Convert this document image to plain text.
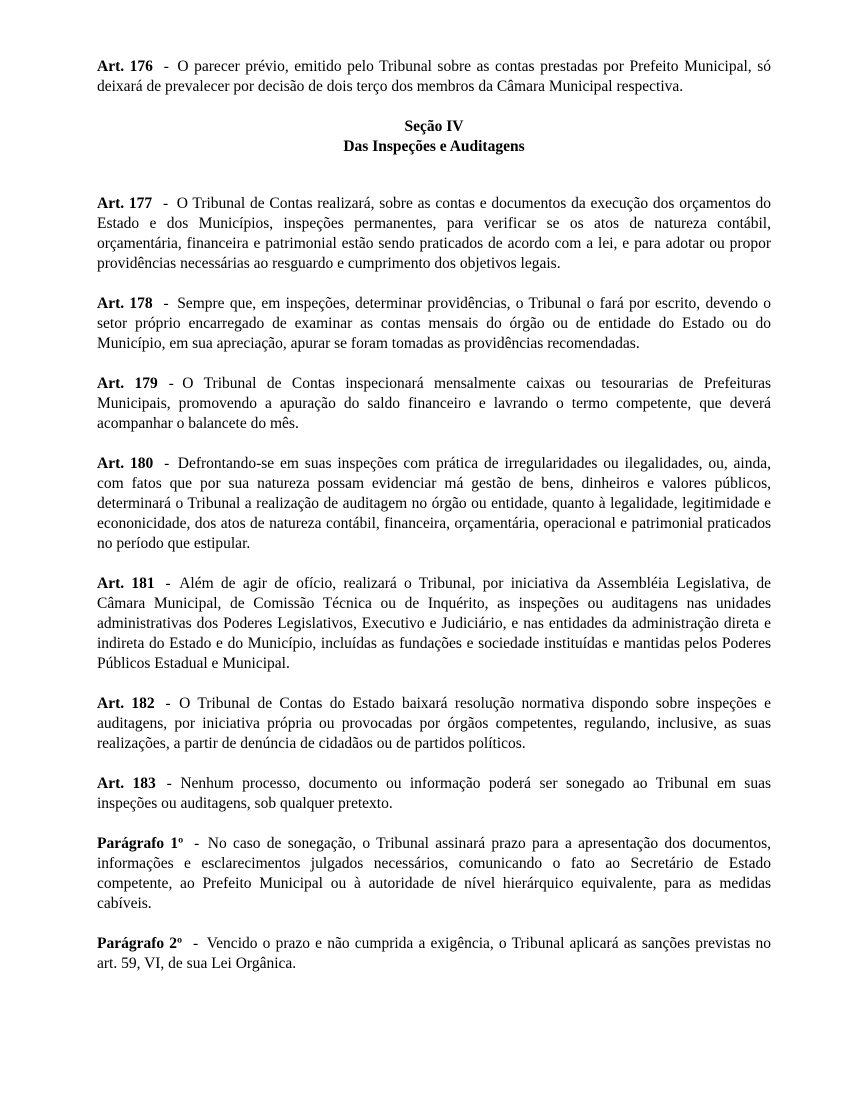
Art. 176 - O parecer prévio, emitido pelo Tribunal sobre as contas prestadas por Prefeito Municipal, só deixará de prevalecer por decisão de dois terço dos membros da Câmara Municipal respectiva.

Seção IV
Das Inspeções e Auditagens

Art. 177 - O Tribunal de Contas realizará, sobre as contas e documentos da execução dos orçamentos do Estado e dos Municípios, inspeções permanentes, para verificar se os atos de natureza contábil, orçamentária, financeira e patrimonial estão sendo praticados de acordo com a lei, e para adotar ou propor providências necessárias ao resguardo e cumprimento dos objetivos legais.

Art. 178 - Sempre que, em inspeções, determinar providências, o Tribunal o fará por escrito, devendo o setor próprio encarregado de examinar as contas mensais do órgão ou de entidade do Estado ou do Município, em sua apreciação, apurar se foram tomadas as providências recomendadas.

Art. 179 - O Tribunal de Contas inspecionará mensalmente caixas ou tesourarias de Prefeituras Municipais, promovendo a apuração do saldo financeiro e lavrando o termo competente, que deverá acompanhar o balancete do mês.

Art. 180 - Defrontando-se em suas inspeções com prática de irregularidades ou ilegalidades, ou, ainda, com fatos que por sua natureza possam evidenciar má gestão de bens, dinheiros e valores públicos, determinará o Tribunal a realização de auditagem no órgão ou entidade, quanto à legalidade, legitimidade e econonicidade, dos atos de natureza contábil, financeira, orçamentária, operacional e patrimonial praticados no período que estipular.

Art. 181 - Além de agir de ofício, realizará o Tribunal, por iniciativa da Assembléia Legislativa, de Câmara Municipal, de Comissão Técnica ou de Inquérito, as inspeções ou auditagens nas unidades administrativas dos Poderes Legislativos, Executivo e Judiciário, e nas entidades da administração direta e indireta do Estado e do Município, incluídas as fundações e sociedade instituídas e mantidas pelos Poderes Públicos Estadual e Municipal.

Art. 182 - O Tribunal de Contas do Estado baixará resolução normativa dispondo sobre inspeções e auditagens, por iniciativa própria ou provocadas por órgãos competentes, regulando, inclusive, as suas realizações, a partir de denúncia de cidadãos ou de partidos políticos.

Art. 183 - Nenhum processo, documento ou informação poderá ser sonegado ao Tribunal em suas inspeções ou auditagens, sob qualquer pretexto.

Parágrafo 1º - No caso de sonegação, o Tribunal assinará prazo para a apresentação dos documentos, informações e esclarecimentos julgados necessários, comunicando o fato ao Secretário de Estado competente, ao Prefeito Municipal ou à autoridade de nível hierárquico equivalente, para as medidas cabíveis.

Parágrafo 2º - Vencido o prazo e não cumprida a exigência, o Tribunal aplicará as sanções previstas no art. 59, VI, de sua Lei Orgânica.
